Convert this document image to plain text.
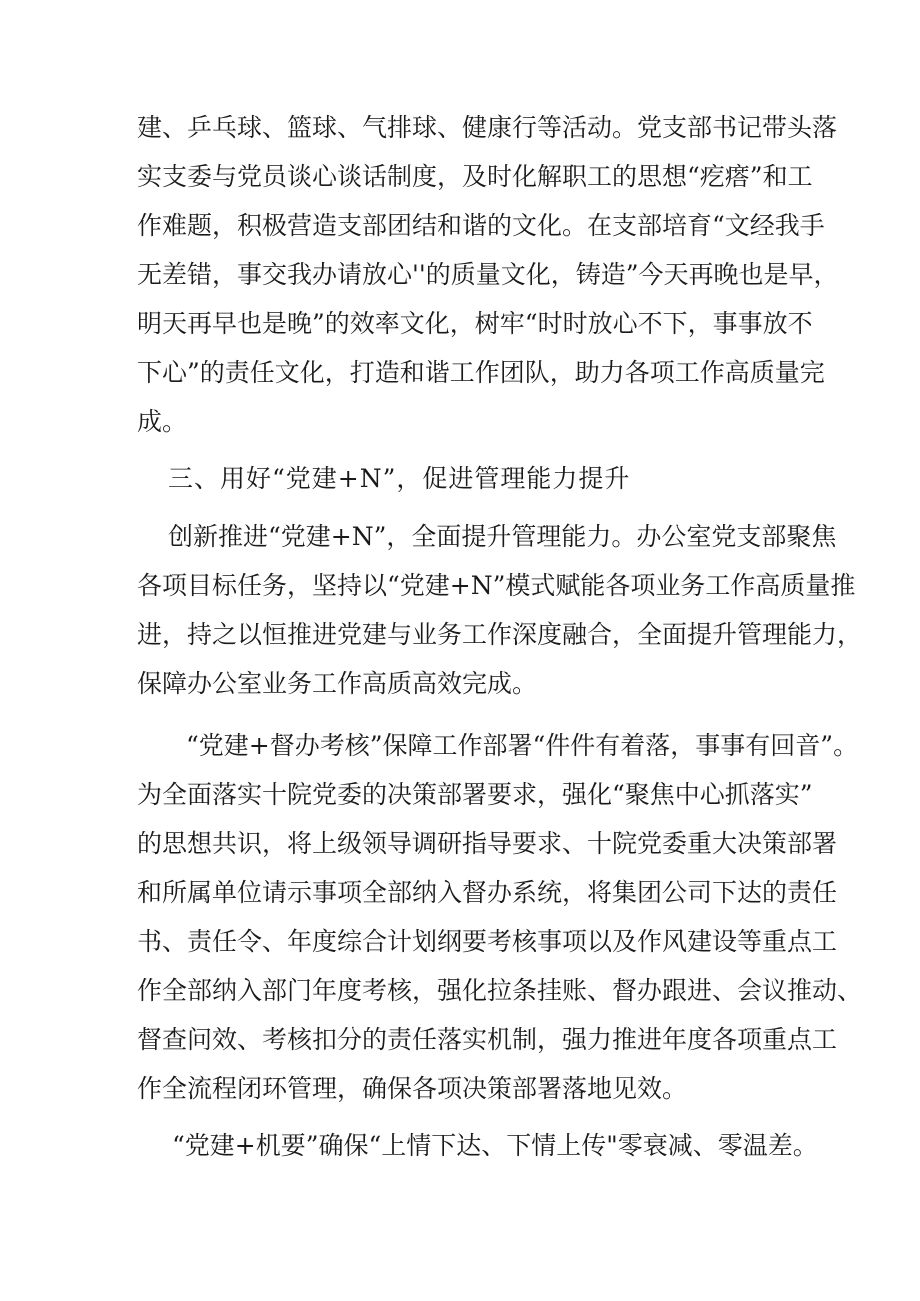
建、乒乓球、篮球、气排球、健康行等活动。党支部书记带头落
实支委与党员谈心谈话制度，及时化解职工的思想“疙瘩”和工
作难题，积极营造支部团结和谐的文化。在支部培育“文经我手
无差错，事交我办请放心''的质量文化，铸造”今天再晚也是早，
明天再早也是晚”的效率文化，树牢“时时放心不下，事事放不
下心”的责任文化，打造和谐工作团队，助力各项工作高质量完
成。
三、用好“党建+N”，促进管理能力提升
创新推进“党建+N”，全面提升管理能力。办公室党支部聚焦
各项目标任务，坚持以“党建+N”模式赋能各项业务工作高质量推
进，持之以恒推进党建与业务工作深度融合，全面提升管理能力，
保障办公室业务工作高质高效完成。
“党建+督办考核”保障工作部署“件件有着落，事事有回音”。
为全面落实十院党委的决策部署要求，强化“聚焦中心抓落实”
的思想共识，将上级领导调研指导要求、十院党委重大决策部署
和所属单位请示事项全部纳入督办系统，将集团公司下达的责任
书、责任令、年度综合计划纲要考核事项以及作风建设等重点工
作全部纳入部门年度考核，强化拉条挂账、督办跟进、会议推动、
督查问效、考核扣分的责任落实机制，强力推进年度各项重点工
作全流程闭环管理，确保各项决策部署落地见效。
“党建+机要”确保“上情下达、下情上传"零衰减、零温差。
